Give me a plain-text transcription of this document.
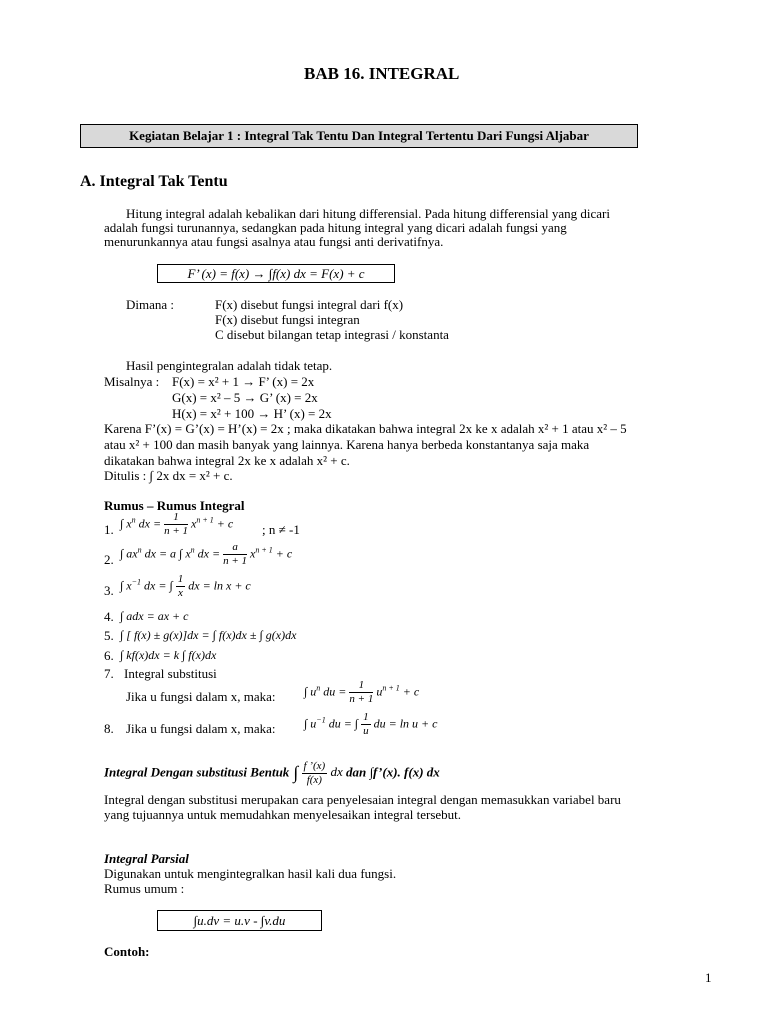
BAB 16. INTEGRAL
Kegiatan Belajar 1 : Integral Tak Tentu Dan Integral Tertentu Dari Fungsi Aljabar
A. Integral Tak Tentu
Hitung integral adalah kebalikan dari hitung differensial. Pada hitung differensial yang dicari
adalah fungsi turunannya, sedangkan pada hitung integral yang dicari adalah fungsi yang
menurunkannya atau fungsi asalnya atau fungsi anti derivatifnya.
F’ (x) = f(x) → ∫f(x) dx = F(x) + c
Dimana :	F(x) disebut fungsi integral dari f(x)
F(x) disebut fungsi integran
C disebut bilangan tetap integrasi / konstanta
Hasil pengintegralan adalah tidak tetap.
Misalnya : F(x) = x² + 1 → F’ (x) = 2x
G(x) = x² – 5 → G’ (x) = 2x
H(x) = x² + 100 → H’ (x) = 2x
Karena F’(x) = G’(x) = H’(x) = 2x ; maka dikatakan bahwa integral 2x ke x adalah x² + 1 atau x² – 5
atau x² + 100 dan masih banyak yang lainnya. Karena hanya berbeda konstantanya saja maka
dikatakan bahwa integral 2x ke x adalah x² + c.
Ditulis : ∫ 2x dx = x² + c.
Rumus – Rumus Integral
1. ∫ $x^n$ dx = $\frac{1}{n + 1} x^{n + 1} + c$ ; n ≠ -1
2. ∫ $ax^n$ dx = a ∫ $x^n$ dx = $\frac{a}{n + 1} x^{n + 1} + c$
3. ∫ $x^{-1}$ dx = ∫ $\frac{1}{x}$ dx = ln x + c
4. ∫ adx = ax + c
5. ∫ [ f(x) ± g(x)]dx = ∫ f(x)dx ± ∫ g(x)dx
6. ∫ kf(x)dx = k ∫ f(x)dx
7. Integral substitusi
Jika u fungsi dalam x, maka: ∫ $u^n$ du = $\frac{1}{n + 1} u^{n + 1} + c$
8. Jika u fungsi dalam x, maka: ∫ $u^{-1}$ du = ∫ $\frac{1}{u}$ du = ln u + c
Integral Dengan substitusi Bentuk ∫ $\frac{f ’(x)}{f(x)}$ dx dan ∫f’(x). f(x) dx
Integral dengan substitusi merupakan cara penyelesaian integral dengan memasukkan variabel baru
yang tujuannya untuk memudahkan menyelesaikan integral tersebut.
Integral Parsial
Digunakan untuk mengintegralkan hasil kali dua fungsi.
Rumus umum :
∫u.dv = u.v - ∫v.du
Contoh:
1
